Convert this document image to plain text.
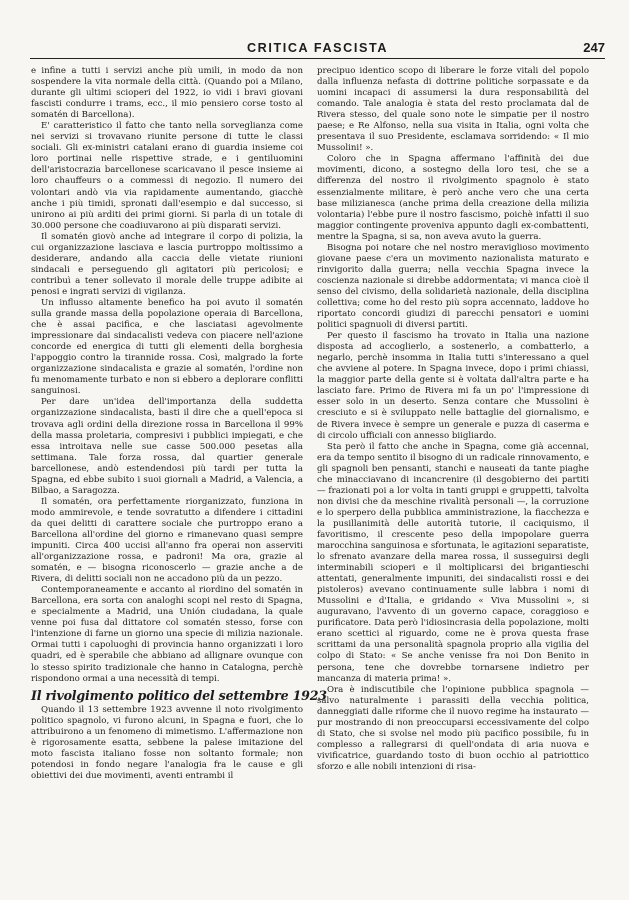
CRITICA FASCISTA	247

e infine a tutti i servizi anche più umili, in modo da non sospendere la vita normale della città. (Quando poi a Milano, durante gli ultimi scioperi del 1922, io vidi i bravi giovani fascisti condurre i trams, ecc., il mio pensiero corse tosto al somatén di Barcellona).

E' caratteristico il fatto che tanto nella sorveglianza come nei servizi si trovavano riunite persone di tutte le classi sociali. Gli ex-ministri catalani erano di guardia insieme coi loro portinai nelle rispettive strade, e i gentiluomini dell'aristocrazia barcellonese scaricavano il pesce insieme ai loro chauffeurs o a commessi di negozio. Il numero dei volontari andò via via rapidamente aumentando, giacchè anche i più timidi, spronati dall'esempio e dal successo, si unirono ai più arditi dei primi giorni. Si parla di un totale di 30.000 persone che coadiuvarono ai più disparati servizi.

Il somatén giovò anche ad integrare il corpo di polizia, la cui organizzazione lasciava e lascia purtroppo moltissimo a desiderare, andando alla caccia delle vietate riunioni sindacali e perseguendo gli agitatori più pericolosi; e contribuì a tener sollevato il morale delle truppe adibite ai penosi e ingrati servizi di vigilanza.

Un influsso altamente benefico ha poi avuto il somatén sulla grande massa della popolazione operaia di Barcellona, che è assai pacifica, e che lasciatasi agevolmente impressionare dai sindacalisti vedeva con piacere nell'azione concorde ed energica di tutti gli elementi della borghesia l'appoggio contro la tirannide rossa. Così, malgrado la forte organizzazione sindacalista e grazie al somatén, l'ordine non fu menomamente turbato e non si ebbero a deplorare conflitti sanguinosi.

Per dare un'idea dell'importanza della suddetta organizzazione sindacalista, basti il dire che a quell'epoca si trovava agli ordini della direzione rossa in Barcellona il 99% della massa proletaria, compresivi i pubblici impiegati, e che essa introitava nelle sue casse 500.000 pesetas alla settimana. Tale forza rossa, dal quartier generale barcellonese, andò estendendosi più tardi per tutta la Spagna, ed ebbe subito i suoi giornali a Madrid, a Valencia, a Bilbao, a Saragozza.

Il somatén, ora perfettamente riorganizzato, funziona in modo ammirevole, e tende sovratutto a difendere i cittadini da quei delitti di carattere sociale che purtroppo erano a Barcellona all'ordine del giorno e rimanevano quasi sempre impuniti. Circa 400 uccisi all'anno fra operai non asserviti all'organizzazione rossa, e padroni! Ma ora, grazie al somatén, e — bisogna riconoscerlo — grazie anche a de Rivera, di delitti sociali non ne accadono più da un pezzo.

Contemporaneamente e accanto al riordino del somatén in Barcellona, era sorta con analoghi scopi nel resto di Spagna, e specialmente a Madrid, una Unión ciudadana, la quale venne poi fusa dal dittatore col somatén stesso, forse con l'intenzione di farne un giorno una specie di milizia nazionale. Ormai tutti i capoluoghi di provincia hanno organizzati i loro quadri, ed è sperabile che abbiano ad allignare ovunque con lo stesso spirito tradizionale che hanno in Catalogna, perchè rispondono ormai a una necessità di tempi.

Il rivolgimento politico del settembre 1923

Quando il 13 settembre 1923 avvenne il noto rivolgimento politico spagnolo, vi furono alcuni, in Spagna e fuori, che lo attribuirono a un fenomeno di mimetismo. L'affermazione non è rigorosamente esatta, sebbene la palese imitazione del moto fascista italiano fosse non soltanto formale; non potendosi in fondo negare l'analogia fra le cause e gli obiettivi dei due movimenti, aventi entrambi il

precipuo identico scopo di liberare le forze vitali del popolo dalla influenza nefasta di dottrine politiche sorpassate e da uomini incapaci di assumersi la dura responsabilità del comando. Tale analogia è stata del resto proclamata dal de Rivera stesso, del quale sono note le simpatie per il nostro paese; e Re Alfonso, nella sua visita in Italia, ogni volta che presentava il suo Presidente, esclamava sorridendo: « Il mio Mussolini! ».

Coloro che in Spagna affermano l'affinità dei due movimenti, dicono, a sostegno della loro tesi, che se a differenza del nostro il rivolgimento spagnolo è stato essenzialmente militare, è però anche vero che una certa base milizianesca (anche prima della creazione della milizia volontaria) l'ebbe pure il nostro fascismo, poichè infatti il suo maggior contingente proveniva appunto dagli ex-combattenti, mentre la Spagna, si sa, non aveva avuto la guerra.

Bisogna poi notare che nel nostro meraviglioso movimento giovane paese c'era un movimento nazionalista maturato e rinvigorito dalla guerra; nella vecchia Spagna invece la coscienza nazionale si direbbe addormentata; vi manca cioè il senso del civismo, della solidarietà nazionale, della disciplina collettiva; come ho del resto più sopra accennato, laddove ho riportato concordi giudizi di parecchi pensatori e uomini politici spagnuoli di diversi partiti.

Per questo il fascismo ha trovato in Italia una nazione disposta ad accoglierlo, a sostenerlo, a combatterlo, a negarlo, perchè insomma in Italia tutti s'interessano a quel che avviene al potere. In Spagna invece, dopo i primi chiassi, la maggior parte della gente si è voltata dall'altra parte e ha lasciato fare. Primo de Rivera mi fa un po' l'impressione di esser solo in un deserto. Senza contare che Mussolini è cresciuto e si è sviluppato nelle battaglie del giornalismo, e de Rivera invece è sempre un generale e puzza di caserma e di circolo ufficiali con annesso biigliardo.

Sta però il fatto che anche in Spagna, come già accennai, era da tempo sentito il bisogno di un radicale rinnovamento, e gli spagnoli ben pensanti, stanchi e nauseati da tante piaghe che minacciavano di incancrenire (il desgobierno dei partiti — frazionati poi a lor volta in tanti gruppi e gruppetti, talvolta non divisi che da meschine rivalità personali —, la corruzione e lo sperpero della pubblica amministrazione, la fiacchezza e la pusillanimità delle autorità tutorie, il caciquismo, il favoritismo, il crescente peso della impopolare guerra marocchina sanguinosa e sfortunata, le agitazioni separatiste, lo sfrenato avanzare della marea rossa, il susseguirsi degli interminabili scioperi e il moltiplicarsi dei brigantieschi attentati, generalmente impuniti, dei sindacalisti rossi e dei pistoleros) avevano continuamente sulle labbra i nomi di Mussolini e d'Italia, e gridando « Viva Mussolini », si auguravano, l'avvento di un governo capace, coraggioso e purificatore. Data però l'idiosincrasia della popolazione, molti erano scettici al riguardo, come ne è prova questa frase scrittami da una personalità spagnola proprio alla vigilia del colpo di Stato: « Se anche venisse fra noi Don Benito in persona, tene che dovrebbe tornarsene indietro per mancanza di materia prima! ».

Ora è indiscutibile che l'opinione pubblica spagnola — salvo naturalmente i parassiti della vecchia politica, danneggiati dalle riforme che il nuovo regime ha instaurato — pur mostrando di non preoccuparsi eccessivamente del colpo di Stato, che si svolse nel modo più pacifico possibile, fu in complesso a rallegrarsi di quell'ondata di aria nuova e vivificatrice, guardando tosto di buon occhio al patriottico sforzo e alle nobili intenzioni di risa-
